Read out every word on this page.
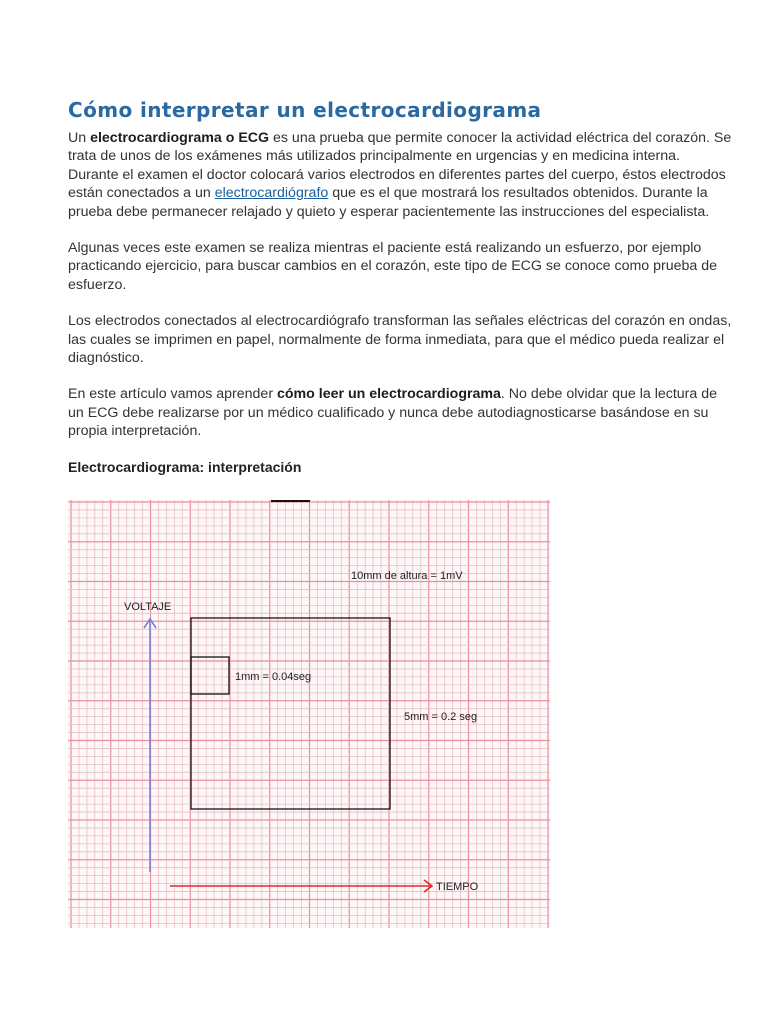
Cómo interpretar un electrocardiograma

Un electrocardiograma o ECG es una prueba que permite conocer la actividad eléctrica del corazón. Se trata de unos de los exámenes más utilizados principalmente en urgencias y en medicina interna. Durante el examen el doctor colocará varios electrodos en diferentes partes del cuerpo, éstos electrodos están conectados a un electrocardiógrafo que es el que mostrará los resultados obtenidos. Durante la prueba debe permanecer relajado y quieto y esperar pacientemente las instrucciones del especialista.

Algunas veces este examen se realiza mientras el paciente está realizando un esfuerzo, por ejemplo practicando ejercicio, para buscar cambios en el corazón, este tipo de ECG se conoce como prueba de esfuerzo.

Los electrodos conectados al electrocardiógrafo transforman las señales eléctricas del corazón en ondas, las cuales se imprimen en papel, normalmente de forma inmediata, para que el médico pueda realizar el diagnóstico.

En este artículo vamos aprender cómo leer un electrocardiograma. No debe olvidar que la lectura de un ECG debe realizarse por un médico cualificado y nunca debe autodiagnosticarse basándose en su propia interpretación.

Electrocardiograma: interpretación
VOLTAJE
TIEMPO
10mm de altura = 1mV
1mm = 0.04seg
5mm = 0.2 seg
